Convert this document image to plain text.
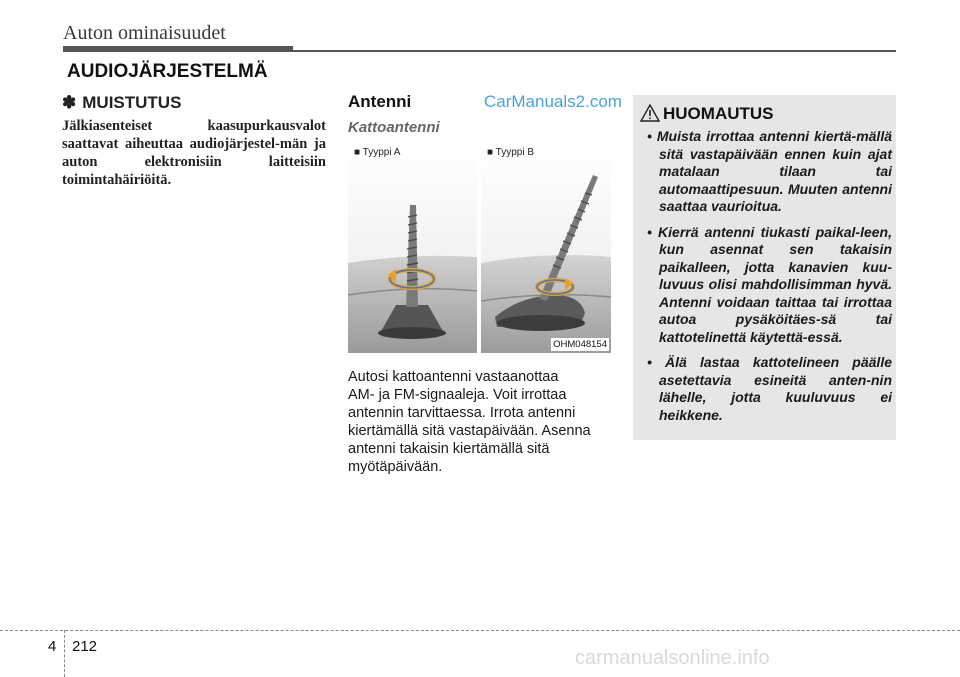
Auton ominaisuudet
AUDIOJÄRJESTELMÄ
✽ MUISTUTUS
Jälkiasenteiset kaasupurkausvalot saattavat aiheuttaa audiojärjestel-män ja auton elektronisiin laitteisiin toimintahäiriöitä.
Antenni	CarManuals2.com
Kattoantenni
■ Tyyppi A	■ Tyyppi B
OHM048154
Autosi kattoantenni vastaanottaa
AM- ja FM-signaaleja. Voit irrottaa
antennin tarvittaessa. Irrota antenni
kiertämällä sitä vastapäivään. Asenna
antenni takaisin kiertämällä sitä
myötäpäivään.
HUOMAUTUS
• Muista irrottaa antenni kiertä-mällä sitä vastapäivään ennen kuin ajat matalaan tilaan tai automaattipesuun. Muuten antenni saattaa vaurioitua.
• Kierrä antenni tiukasti paikal-leen, kun asennat sen takaisin paikalleen, jotta kanavien kuu-luvuus olisi mahdollisimman hyvä. Antenni voidaan taittaa tai irrottaa autoa pysäköitäes-sä tai kattotelinettä käytettä-essä.
• Älä lastaa kattotelineen päälle asetettavia esineitä anten-nin lähelle, jotta kuuluvuus ei heikkene.
4 212
carmanualsonline.info
